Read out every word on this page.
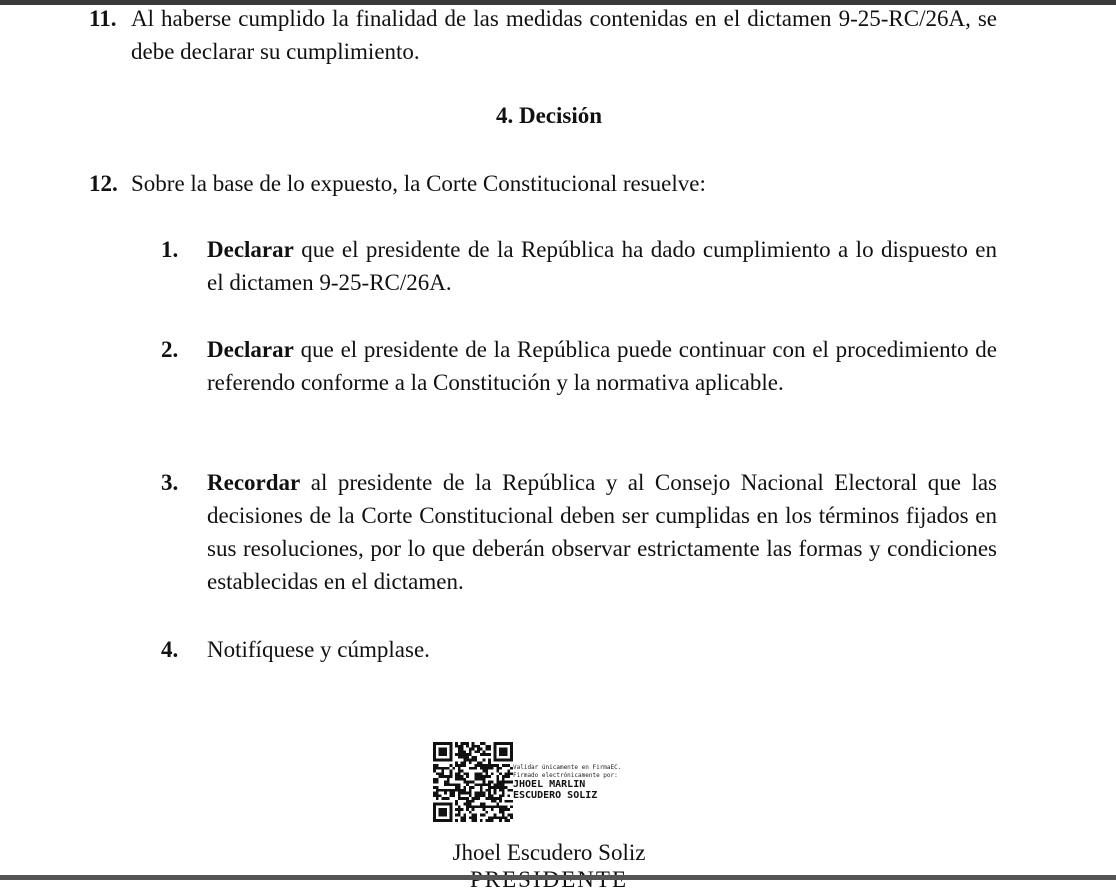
11. Al haberse cumplido la finalidad de las medidas contenidas en el dictamen 9-25-RC/26A, se debe declarar su cumplimiento.
4. Decisión
12. Sobre la base de lo expuesto, la Corte Constitucional resuelve:
1. Declarar que el presidente de la República ha dado cumplimiento a lo dispuesto en el dictamen 9-25-RC/26A.
2. Declarar que el presidente de la República puede continuar con el procedimiento de referendo conforme a la Constitución y la normativa aplicable.
3. Recordar al presidente de la República y al Consejo Nacional Electoral que las decisiones de la Corte Constitucional deben ser cumplidas en los términos fijados en sus resoluciones, por lo que deberán observar estrictamente las formas y condiciones establecidas en el dictamen.
4. Notifíquese y cúmplase.
Validar únicamente en FirmaEC.
Firmado electrónicamente por:
JHOEL MARLIN
ESCUDERO SOLIZ
Jhoel Escudero Soliz
